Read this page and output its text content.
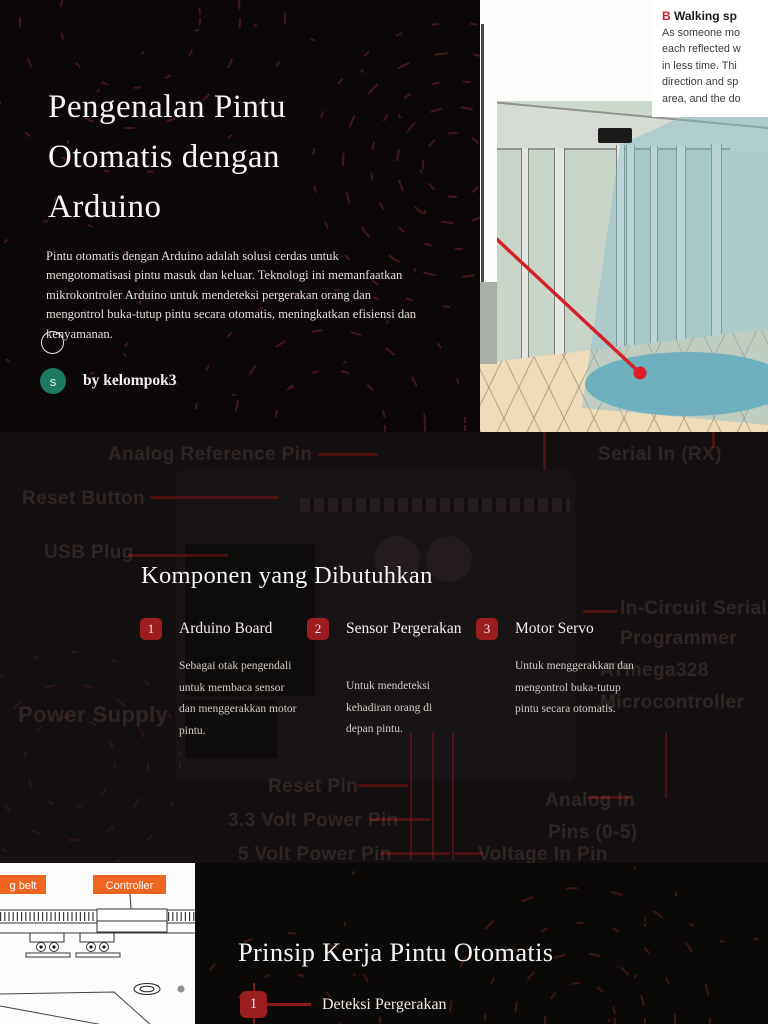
Pengenalan Pintu Otomatis dengan Arduino

Pintu otomatis dengan Arduino adalah solusi cerdas untuk mengotomatisasi pintu masuk dan keluar. Teknologi ini memanfaatkan mikrokontroler Arduino untuk mendeteksi pergerakan orang dan mengontrol buka-tutup pintu secara otomatis, meningkatkan efisiensi dan kenyamanan.

s by kelompok3
B Walking sp
As someone mo
each reflected w
in less time. Thi
direction and sp
area, and the do
Analog Reference Pin	Serial In (RX)
Reset Button
USB Plug
In-Circuit Serial
Programmer
ATmega328
Microcontroller
Power Supply
Reset Pin
3.3 Volt Power Pin
5 Volt Power Pin
Analog In
Pins (0-5)
Voltage In Pin
Komponen yang Dibutuhkan
1 Arduino Board
Sebagai otak pengendali untuk membaca sensor dan menggerakkan motor pintu.
2 Sensor Pergerakan
Untuk mendeteksi kehadiran orang di depan pintu.
3 Motor Servo
Untuk menggerakkan dan mengontrol buka-tutup pintu secara otomatis.
g belt	Controller
Prinsip Kerja Pintu Otomatis
1	Deteksi Pergerakan
